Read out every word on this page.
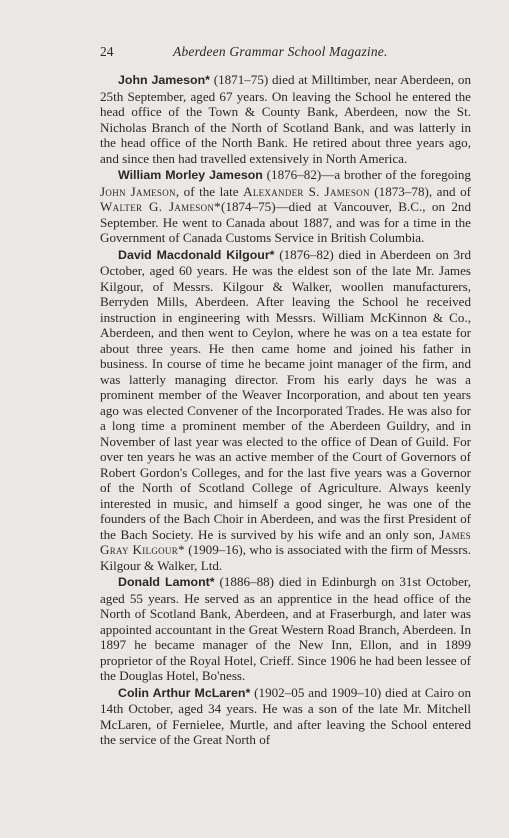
24	Aberdeen Grammar School Magazine.

John Jameson* (1871–75) died at Milltimber, near Aberdeen, on 25th September, aged 67 years. On leaving the School he entered the head office of the Town & County Bank, Aberdeen, now the St. Nicholas Branch of the North of Scotland Bank, and was latterly in the head office of the North Bank. He retired about three years ago, and since then had travelled extensively in North America.

William Morley Jameson (1876–82)—a brother of the foregoing John Jameson, of the late Alexander S. Jameson (1873–78), and of Walter G. Jameson*(1874–75)—died at Vancouver, B.C., on 2nd September. He went to Canada about 1887, and was for a time in the Government of Canada Customs Service in British Columbia.

David Macdonald Kilgour* (1876–82) died in Aberdeen on 3rd October, aged 60 years. He was the eldest son of the late Mr. James Kilgour, of Messrs. Kilgour & Walker, woollen manufacturers, Berryden Mills, Aberdeen. After leaving the School he received instruction in engineering with Messrs. William McKinnon & Co., Aberdeen, and then went to Ceylon, where he was on a tea estate for about three years. He then came home and joined his father in business. In course of time he became joint manager of the firm, and was latterly managing director. From his early days he was a prominent member of the Weaver Incorporation, and about ten years ago was elected Convener of the Incorporated Trades. He was also for a long time a prominent member of the Aberdeen Guildry, and in November of last year was elected to the office of Dean of Guild. For over ten years he was an active member of the Court of Governors of Robert Gordon's Colleges, and for the last five years was a Governor of the North of Scotland College of Agriculture. Always keenly interested in music, and himself a good singer, he was one of the founders of the Bach Choir in Aberdeen, and was the first President of the Bach Society. He is survived by his wife and an only son, James Gray Kilgour* (1909–16), who is associated with the firm of Messrs. Kilgour & Walker, Ltd.

Donald Lamont* (1886–88) died in Edinburgh on 31st October, aged 55 years. He served as an apprentice in the head office of the North of Scotland Bank, Aberdeen, and at Fraserburgh, and later was appointed accountant in the Great Western Road Branch, Aberdeen. In 1897 he became manager of the New Inn, Ellon, and in 1899 proprietor of the Royal Hotel, Crieff. Since 1906 he had been lessee of the Douglas Hotel, Bo'ness.

Colin Arthur McLaren* (1902–05 and 1909–10) died at Cairo on 14th October, aged 34 years. He was a son of the late Mr. Mitchell McLaren, of Fernielee, Murtle, and after leaving the School entered the service of the Great North of
